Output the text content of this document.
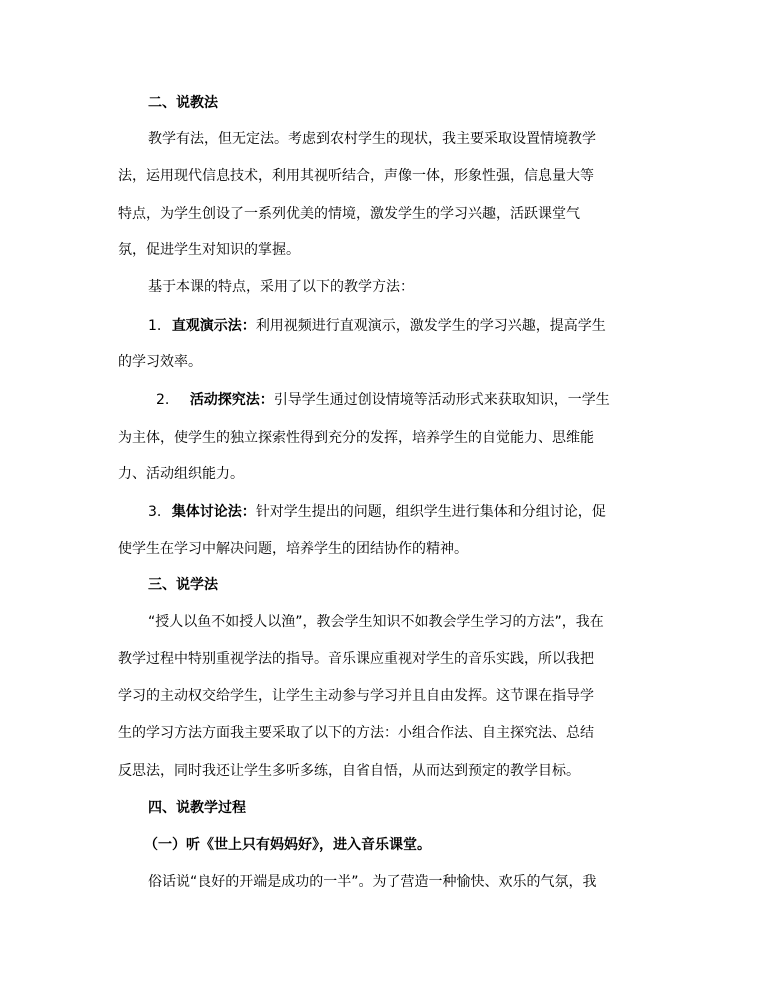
二、说教法
教学有法，但无定法。考虑到农村学生的现状，我主要采取设置情境教学
法，运用现代信息技术，利用其视听结合，声像一体，形象性强，信息量大等
特点，为学生创设了一系列优美的情境，激发学生的学习兴趣，活跃课堂气
氛，促进学生对知识的掌握。
基于本课的特点，采用了以下的教学方法：
1. 直观演示法：利用视频进行直观演示，激发学生的学习兴趣，提高学生
的学习效率。
2. 活动探究法：引导学生通过创设情境等活动形式来获取知识，一学生
为主体，使学生的独立探索性得到充分的发挥，培养学生的自觉能力、思维能
力、活动组织能力。
3. 集体讨论法：针对学生提出的问题，组织学生进行集体和分组讨论，促
使学生在学习中解决问题，培养学生的团结协作的精神。
三、说学法
“授人以鱼不如授人以渔”，教会学生知识不如教会学生学习的方法”，我在
教学过程中特别重视学法的指导。音乐课应重视对学生的音乐实践，所以我把
学习的主动权交给学生，让学生主动参与学习并且自由发挥。这节课在指导学
生的学习方法方面我主要采取了以下的方法：小组合作法、自主探究法、总结
反思法，同时我还让学生多听多练，自省自悟，从而达到预定的教学目标。
四、说教学过程
（一）听《世上只有妈妈好》，进入音乐课堂。
俗话说“良好的开端是成功的一半”。为了营造一种愉快、欢乐的气氛，我
